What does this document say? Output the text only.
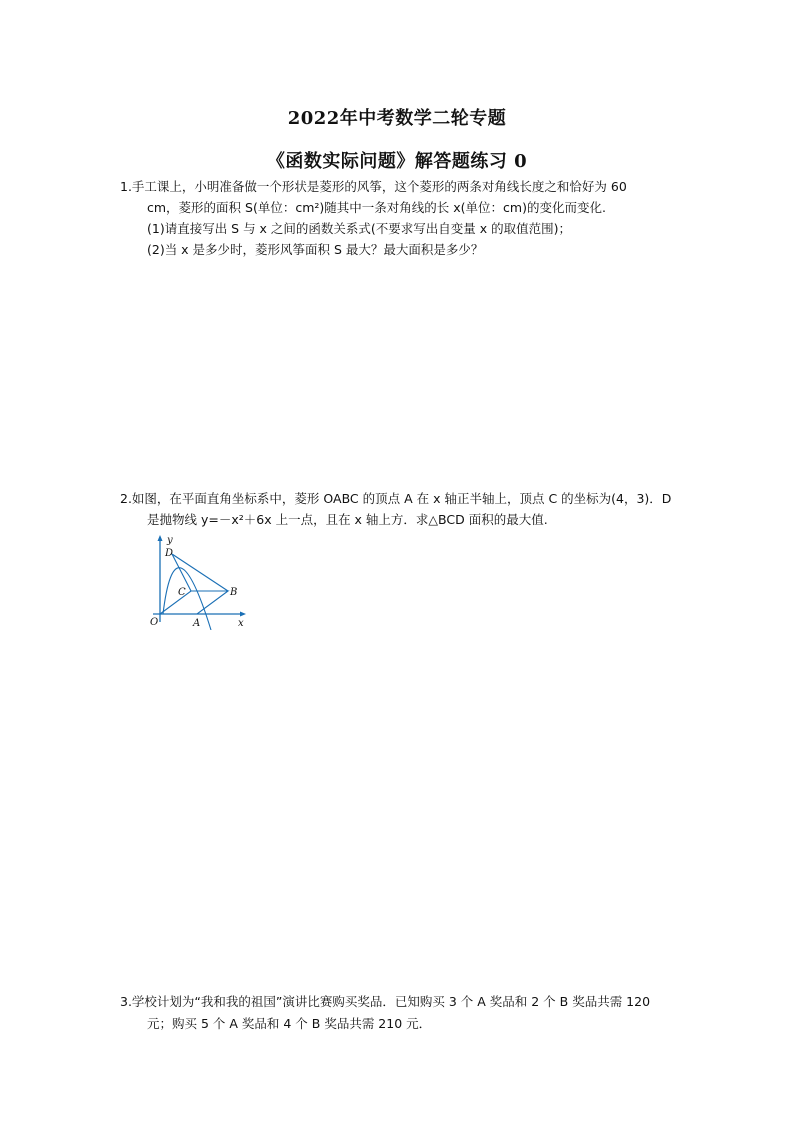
2022年中考数学二轮专题
《函数实际问题》解答题练习 0
1.手工课上，小明准备做一个形状是菱形的风筝，这个菱形的两条对角线长度之和恰好为 60
cm，菱形的面积 S(单位：cm²)随其中一条对角线的长 x(单位：cm)的变化而变化.
(1)请直接写出 S 与 x 之间的函数关系式(不要求写出自变量 x 的取值范围)；
(2)当 x 是多少时，菱形风筝面积 S 最大？最大面积是多少？
2.如图，在平面直角坐标系中，菱形 OABC 的顶点 A 在 x 轴正半轴上，顶点 C 的坐标为(4，3)．D
是抛物线 y=－x²＋6x 上一点，且在 x 轴上方．求△BCD 面积的最大值.
y
x
O	A
B
C
D
3.学校计划为“我和我的祖国”演讲比赛购买奖品．已知购买 3 个 A 奖品和 2 个 B 奖品共需 120
元；购买 5 个 A 奖品和 4 个 B 奖品共需 210 元．
